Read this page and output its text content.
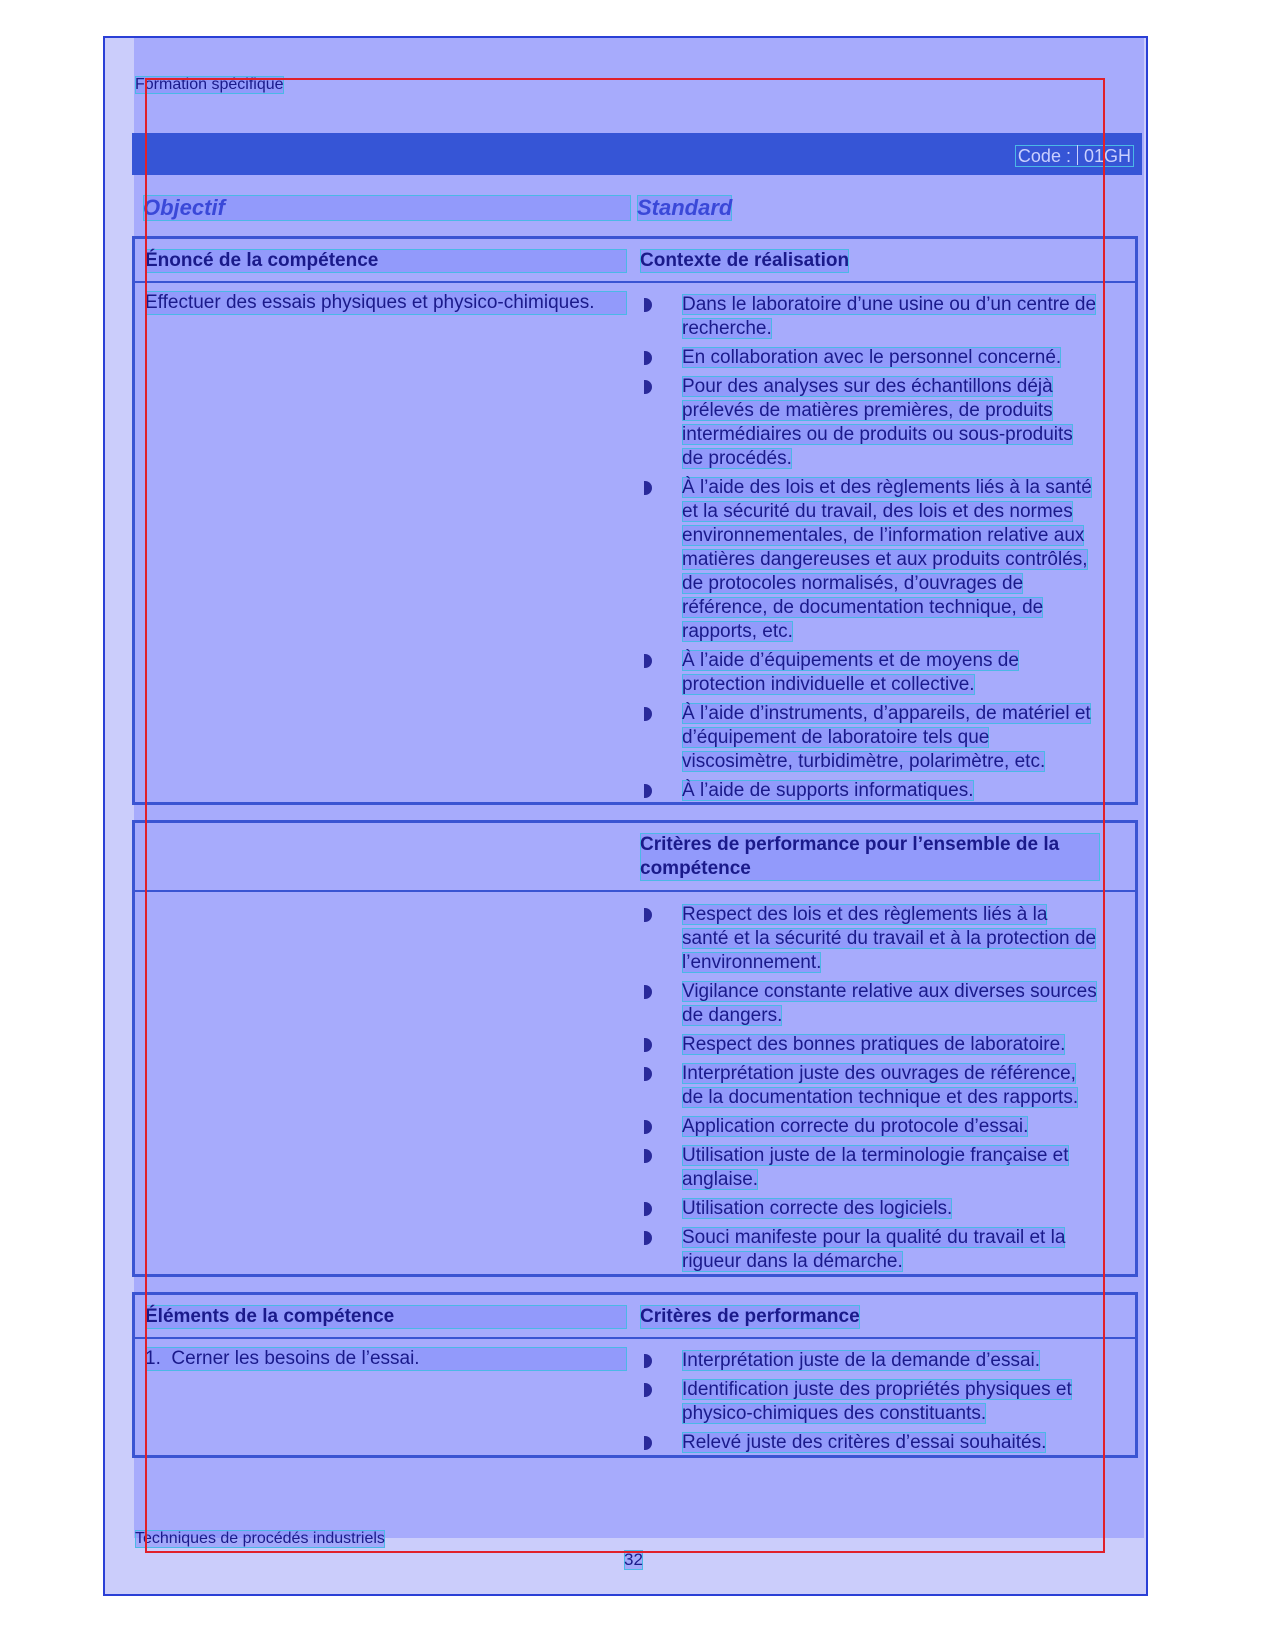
Formation spécifique
Code : 01GH
Objectif	Standard
Énoncé de la compétence	Contexte de réalisation
Effectuer des essais physiques et physico-chimiques.	Dans le laboratoire d’une usine ou d’un centre de recherche.
En collaboration avec le personnel concerné.
Pour des analyses sur des échantillons déjà prélevés de matières premières, de produits intermédiaires ou de produits ou sous-produits de procédés.
À l’aide des lois et des règlements liés à la santé et la sécurité du travail, des lois et des normes environnementales, de l’information relative aux matières dangereuses et aux produits contrôlés, de protocoles normalisés, d’ouvrages de référence, de documentation technique, de rapports, etc.
À l’aide d’équipements et de moyens de protection individuelle et collective.
À l’aide d’instruments, d’appareils, de matériel et d’équipement de laboratoire tels que viscosimètre, turbidimètre, polarimètre, etc.
À l’aide de supports informatiques.
Critères de performance pour l’ensemble de la compétence
Respect des lois et des règlements liés à la santé et la sécurité du travail et à la protection de l’environnement.
Vigilance constante relative aux diverses sources de dangers.
Respect des bonnes pratiques de laboratoire.
Interprétation juste des ouvrages de référence, de la documentation technique et des rapports.
Application correcte du protocole d’essai.
Utilisation juste de la terminologie française et anglaise.
Utilisation correcte des logiciels.
Souci manifeste pour la qualité du travail et la rigueur dans la démarche.
Éléments de la compétence	Critères de performance
1.  Cerner les besoins de l’essai.	Interprétation juste de la demande d’essai.
Identification juste des propriétés physiques et physico-chimiques des constituants.
Relevé juste des critères d’essai souhaités.
Techniques de procédés industriels
32
